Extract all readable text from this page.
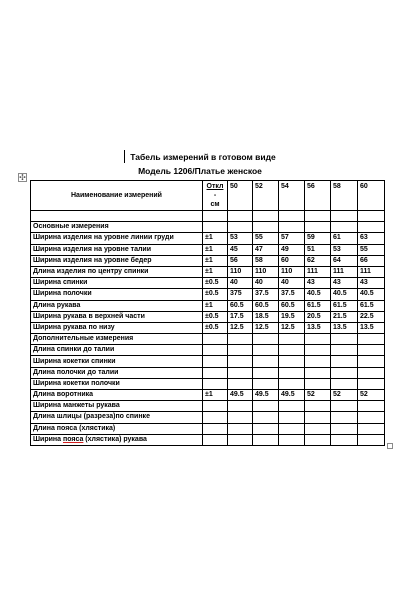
Табель измерений в готовом виде
Модель 1206/Платье женское
✣
Наименование измерений	Откл
-
см	50	52	54	56	58	60

Основные измерения							
Ширина изделия на уровне линии груди	±1	53	55	57	59	61	63
Ширина изделия на уровне талии	±1	45	47	49	51	53	55
Ширина изделия на уровне бедер	±1	56	58	60	62	64	66
Длина изделия по центру спинки	±1	110	110	110	111	111	111
Ширина спинки	±0.5	40	40	40	43	43	43
Ширина полочки	±0.5	375	37.5	37.5	40.5	40.5	40.5
Длина рукава	±1	60.5	60.5	60.5	61.5	61.5	61.5
Ширина рукава в верхней части	±0.5	17.5	18.5	19.5	20.5	21.5	22.5
Ширина рукава по низу	±0.5	12.5	12.5	12.5	13.5	13.5	13.5
Дополнительные измерения							
Длина спинки до талии							
Ширина кокетки спинки							
Длина полочки до талии							
Ширина кокетки полочки							
Длина воротника	±1	49.5	49.5	49.5	52	52	52
Ширина манжеты рукава							
Длина шлицы (разреза)по спинке							
Длина пояса (хлястика)							
Ширина пояса (хлястика) рукава							
